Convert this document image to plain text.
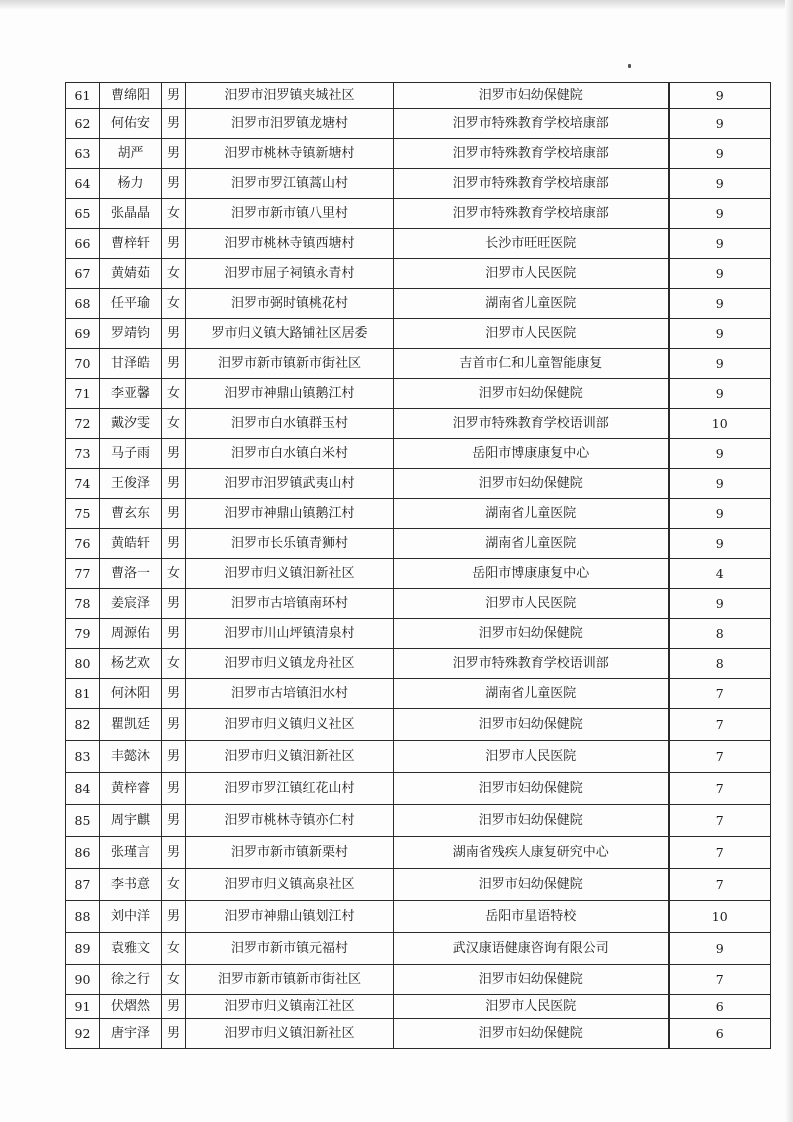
61	曹绵阳	男	汨罗市汨罗镇夹城社区	汨罗市妇幼保健院	9
62	何佑安	男	汨罗市汨罗镇龙塘村	汨罗市特殊教育学校培康部	9
63	胡严	男	汨罗市桃林寺镇新塘村	汨罗市特殊教育学校培康部	9
64	杨力	男	汨罗市罗江镇蒿山村	汨罗市特殊教育学校培康部	9
65	张晶晶	女	汨罗市新市镇八里村	汨罗市特殊教育学校培康部	9
66	曹梓轩	男	汨罗市桃林寺镇西塘村	长沙市旺旺医院	9
67	黄婧茹	女	汨罗市屈子祠镇永青村	汨罗市人民医院	9
68	任平瑜	女	汨罗市弼时镇桃花村	湖南省儿童医院	9
69	罗靖钧	男	罗市归义镇大路铺社区居委	汨罗市人民医院	9
70	甘泽皓	男	汨罗市新市镇新市街社区	吉首市仁和儿童智能康复	9
71	李亚馨	女	汨罗市神鼎山镇鹅江村	汨罗市妇幼保健院	9
72	戴汐雯	女	汨罗市白水镇群玉村	汨罗市特殊教育学校语训部	10
73	马子雨	男	汨罗市白水镇白米村	岳阳市博康康复中心	9
74	王俊泽	男	汨罗市汨罗镇武夷山村	汨罗市妇幼保健院	9
75	曹玄东	男	汨罗市神鼎山镇鹅江村	湖南省儿童医院	9
76	黄皓轩	男	汨罗市长乐镇青狮村	湖南省儿童医院	9
77	曹洛一	女	汨罗市归义镇汨新社区	岳阳市博康康复中心	4
78	姜宸泽	男	汨罗市古培镇南环村	汨罗市人民医院	9
79	周源佑	男	汨罗市川山坪镇清泉村	汨罗市妇幼保健院	8
80	杨艺欢	女	汨罗市归义镇龙舟社区	汨罗市特殊教育学校语训部	8
81	何沐阳	男	汨罗市古培镇汨水村	湖南省儿童医院	7
82	瞿凯廷	男	汨罗市归义镇归义社区	汨罗市妇幼保健院	7
83	丰懿沐	男	汨罗市归义镇汨新社区	汨罗市人民医院	7
84	黄梓睿	男	汨罗市罗江镇红花山村	汨罗市妇幼保健院	7
85	周宇麒	男	汨罗市桃林寺镇亦仁村	汨罗市妇幼保健院	7
86	张瑾言	男	汨罗市新市镇新栗村	湖南省残疾人康复研究中心	7
87	李书意	女	汨罗市归义镇高泉社区	汨罗市妇幼保健院	7
88	刘中洋	男	汨罗市神鼎山镇划江村	岳阳市星语特校	10
89	袁雅文	女	汨罗市新市镇元福村	武汉康语健康咨询有限公司	9
90	徐之行	女	汨罗市新市镇新市街社区	汨罗市妇幼保健院	7
91	伏熠然	男	汨罗市归义镇南江社区	汨罗市人民医院	6
92	唐宇泽	男	汨罗市归义镇汨新社区	汨罗市妇幼保健院	6
